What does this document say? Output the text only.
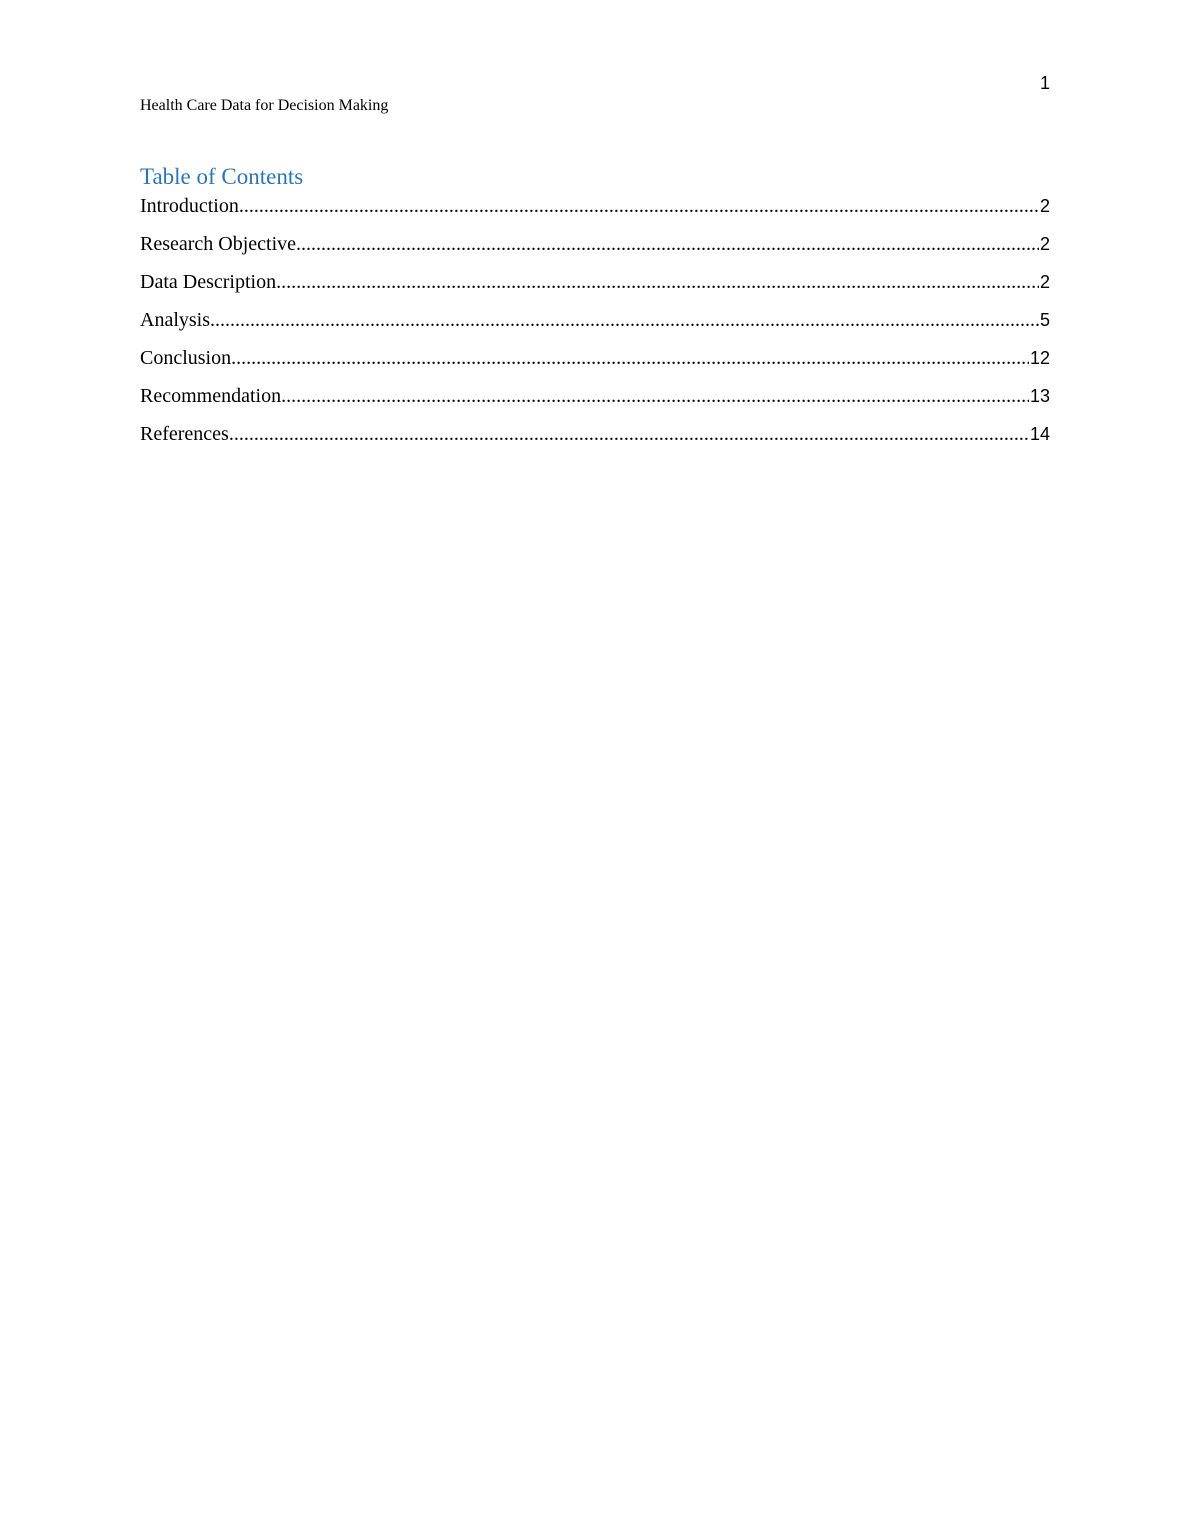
1
Health Care Data for Decision Making
Table of Contents
Introduction .....	2
Research Objective .....	2
Data Description .....	2
Analysis .....	5
Conclusion .....	12
Recommendation .....	13
References .....	14
